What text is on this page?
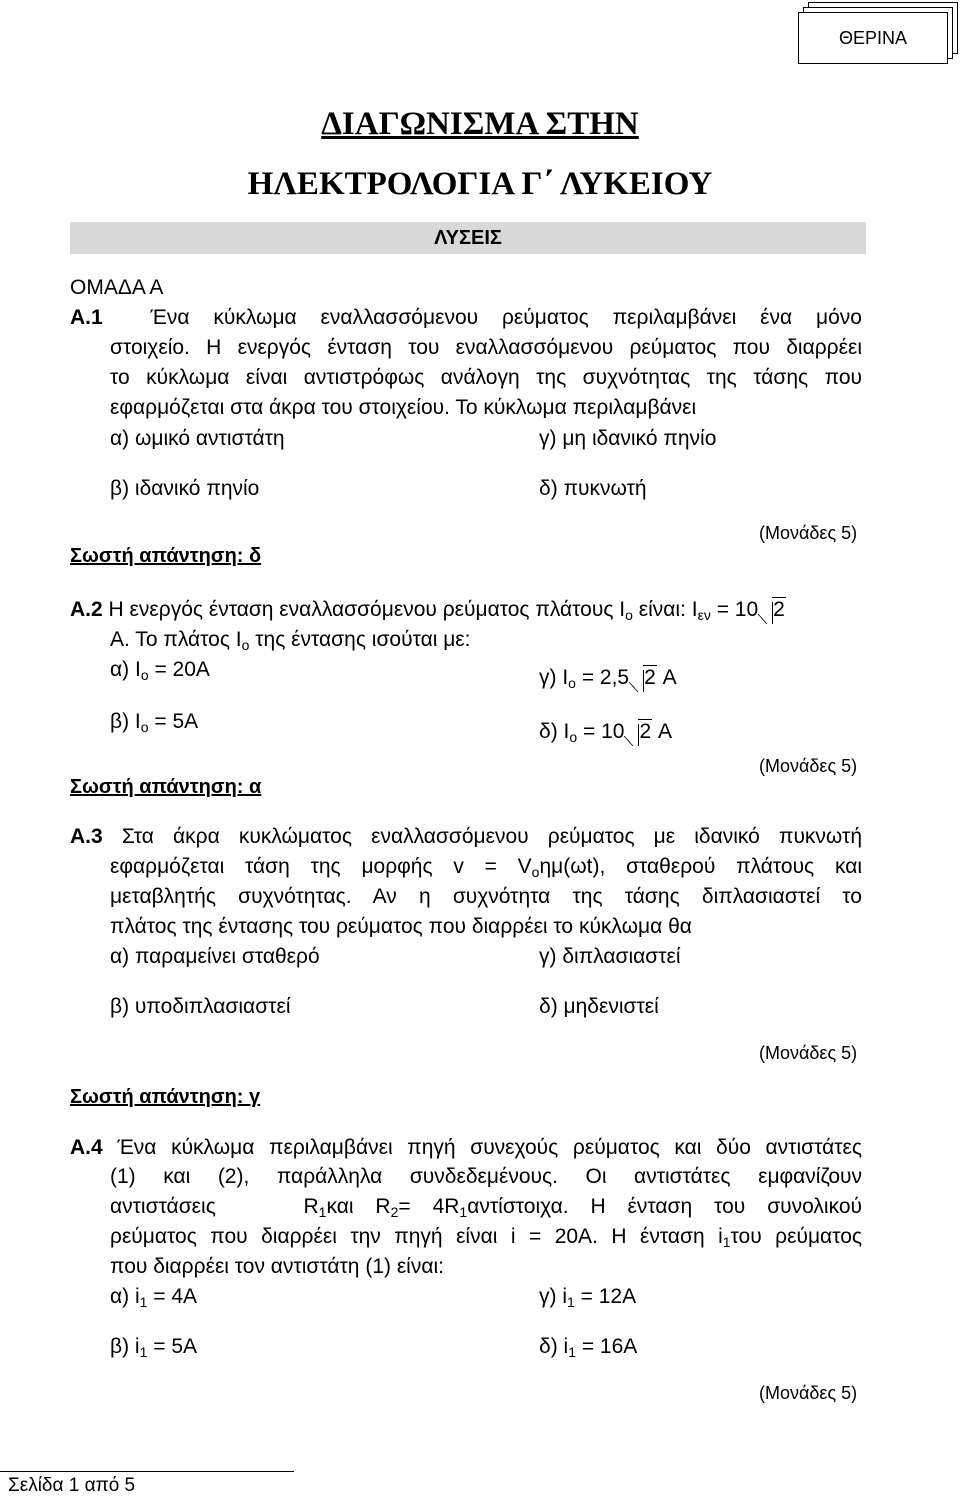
ΘΕΡΙΝΑ
ΔΙΑΓΩΝΙΣΜΑ ΣΤΗΝ
ΗΛΕΚΤΡΟΛΟΓΙΑ Γ΄ ΛΥΚΕΙΟΥ
ΛΥΣΕΙΣ
ΟΜΑΔΑ Α
Α.1 Ένα κύκλωμα εναλλασσόμενου ρεύματος περιλαμβάνει ένα μόνο
στοιχείο. Η ενεργός ένταση του εναλλασσόμενου ρεύματος που διαρρέει
το κύκλωμα είναι αντιστρόφως ανάλογη της συχνότητας της τάσης που
εφαρμόζεται στα άκρα του στοιχείου. Το κύκλωμα περιλαμβάνει
α) ωμικό αντιστάτη	γ) μη ιδανικό πηνίο
β) ιδανικό πηνίο	δ) πυκνωτή
(Μονάδες 5)
Σωστή απάντηση: δ
Α.2 Η ενεργός ένταση εναλλασσόμενου ρεύματος πλάτους $I_o$ είναι: $I_{\varepsilon\nu} = 10$ 2
Α. Το πλάτος $I_o$ της έντασης ισούται με:
α) $I_o = 20A$	γ) $I_o = 2,5$ 2 A
β) $I_o = 5A$	δ) $I_o = 10$ 2 A
(Μονάδες 5)
Σωστή απάντηση: α
Α.3 Στα άκρα κυκλώματος εναλλασσόμενου ρεύματος με ιδανικό πυκνωτή
εφαρμόζεται τάση της μορφής $v = V_o\eta\mu(\omega t)$, σταθερού πλάτους και
μεταβλητής συχνότητας. Αν η συχνότητα της τάσης διπλασιαστεί το
πλάτος της έντασης του ρεύματος που διαρρέει το κύκλωμα θα
α) παραμείνει σταθερό	γ) διπλασιαστεί
β) υποδιπλασιαστεί	δ) μηδενιστεί
(Μονάδες 5)
Σωστή απάντηση: γ
Α.4 Ένα κύκλωμα περιλαμβάνει πηγή συνεχούς ρεύματος και δύο αντιστάτες
(1) και (2), παράλληλα συνδεδεμένους. Οι αντιστάτες εμφανίζουν
αντιστάσεις	$R_1\kappa\alpha\iota$ $R_2= 4R_1\alpha\nu\tau ί\sigma\tau o\iota\chi\alpha$. Η ένταση του συνολικού
ρεύματος που διαρρέει την πηγή είναι i = 20A. Η ένταση $i_1\tau o\upsilon$ ρεύματος
που διαρρέει τον αντιστάτη (1) είναι:
α) $i_1 = 4A$	γ) $i_1 = 12A$
β) $i_1 = 5A$	δ) $i_1 = 16A$
(Μονάδες 5)
Σελίδα 1 από 5
